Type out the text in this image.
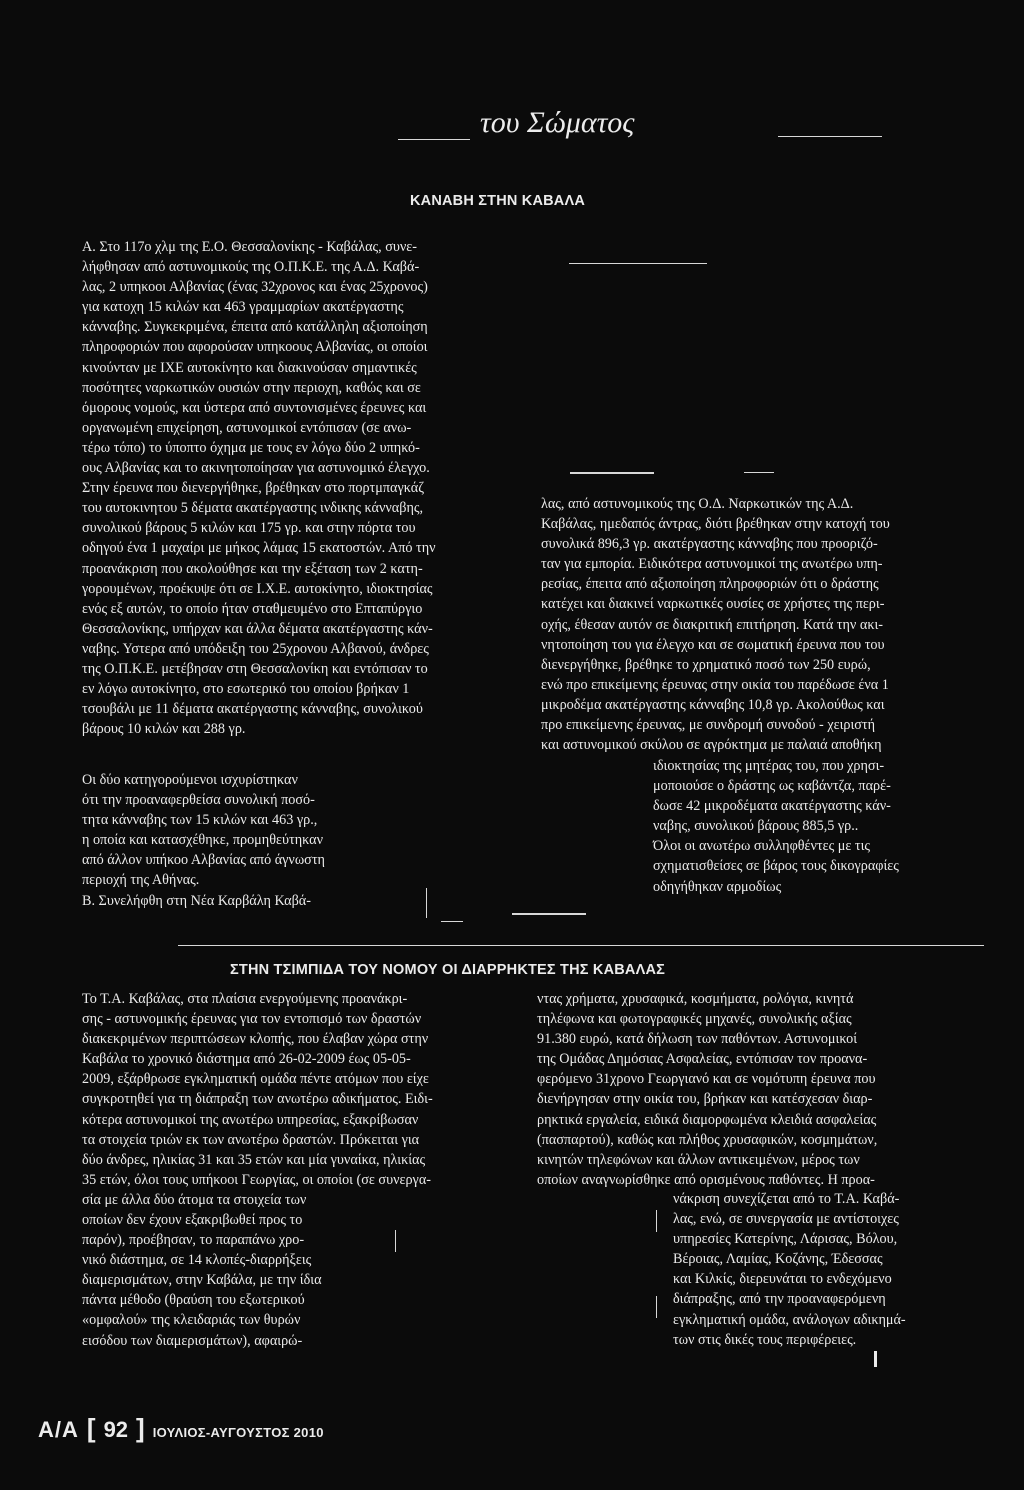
του Σώματος
ΚΑΝΑΒΗ ΣΤΗΝ ΚΑΒΑΛΑ
Α. Στο 117ο χλμ της Ε.Ο. Θεσσαλονίκης - Καβάλας, συνε-
λήφθησαν από αστυνομικούς της Ο.Π.Κ.Ε. της Α.Δ. Καβά-
λας, 2 υπηκοοι Αλβανίας (ένας 32χρονος και ένας 25χρονος)
για κατοχη 15 κιλών και 463 γραμμαρίων ακατέργαστης
κάνναβης. Συγκεκριμένα, έπειτα από κατάλληλη αξιοποίηση
πληροφοριών που αφορούσαν υπηκοους Αλβανίας, οι οποίοι
κινούνταν με ΙΧΕ αυτοκίνητο και διακινούσαν σημαντικές
ποσότητες ναρκωτικών ουσιών στην περιοχη, καθώς και σε
όμορους νομούς, και ύστερα από συντονισμένες έρευνες και
οργανωμένη επιχείρηση, αστυνομικοί εντόπισαν (σε ανω-
τέρω τόπο) το ύποπτο όχημα με τους εν λόγω δύο 2 υπηκό-
ους Αλβανίας και το ακινητοποίησαν για αστυνομικό έλεγχο.
Στην έρευνα που διενεργήθηκε, βρέθηκαν στο πορτμπαγκάζ
του αυτοκινητου 5 δέματα ακατέργαστης ινδικης κάνναβης,
συνολικού βάρους 5 κιλών και 175 γρ. και στην πόρτα του
οδηγού ένα 1 μαχαίρι με μήκος λάμας 15 εκατοστών. Από την
προανάκριση που ακολούθησε και την εξέταση των 2 κατη-
γορουμένων, προέκυψε ότι σε Ι.Χ.Ε. αυτοκίνητο, ιδιοκτησίας
ενός εξ αυτών, το οποίο ήταν σταθμευμένο στο Επταπύργιο
Θεσσαλονίκης, υπήρχαν και άλλα δέματα ακατέργαστης κάν-
ναβης. Υστερα από υπόδειξη του 25χρονου Αλβανού, άνδρες
της Ο.Π.Κ.Ε. μετέβησαν στη Θεσσαλονίκη και εντόπισαν το
εν λόγω αυτοκίνητο, στο εσωτερικό του οποίου βρήκαν 1
τσουβάλι με 11 δέματα ακατέργαστης κάνναβης, συνολικού
βάρους 10 κιλών και 288 γρ.
Οι δύο κατηγορούμενοι ισχυρίστηκαν
ότι την προαναφερθείσα συνολική ποσό-
τητα κάνναβης των 15 κιλών και 463 γρ.,
η οποία και κατασχέθηκε, προμηθεύτηκαν
από άλλον υπήκοο Αλβανίας από άγνωστη
περιοχή της Αθήνας.
Β. Συνελήφθη στη Νέα Καρβάλη Καβά-
λας, από αστυνομικούς της Ο.Δ. Ναρκωτικών της Α.Δ.
Καβάλας, ημεδαπός άντρας, διότι βρέθηκαν στην κατοχή του
συνολικά 896,3 γρ. ακατέργαστης κάνναβης που προοριζό-
ταν για εμπορία. Ειδικότερα αστυνομικοί της ανωτέρω υπη-
ρεσίας, έπειτα από αξιοποίηση πληροφοριών ότι ο δράστης
κατέχει και διακινεί ναρκωτικές ουσίες σε χρήστες της περι-
οχής, έθεσαν αυτόν σε διακριτική επιτήρηση. Κατά την ακι-
νητοποίηση του για έλεγχο και σε σωματική έρευνα που του
διενεργήθηκε, βρέθηκε το χρηματικό ποσό των 250 ευρώ,
ενώ προ επικείμενης έρευνας στην οικία του παρέδωσε ένα 1
μικροδέμα ακατέργαστης κάνναβης 10,8 γρ. Ακολούθως και
προ επικείμενης έρευνας, με συνδρομή συνοδού - χειριστή
και αστυνομικού σκύλου σε αγρόκτημα με παλαιά αποθήκη
ιδιοκτησίας της μητέρας του, που χρησι-
μοποιούσε ο δράστης ως καβάντζα, παρέ-
δωσε 42 μικροδέματα ακατέργαστης κάν-
ναβης, συνολικού βάρους 885,5 γρ..
Όλοι οι ανωτέρω συλληφθέντες με τις
σχηματισθείσες σε βάρος τους δικογραφίες
οδηγήθηκαν αρμοδίως
ΣΤΗΝ ΤΣΙΜΠΙΔΑ ΤΟΥ ΝΟΜΟΥ ΟΙ ΔΙΑΡΡΗΚΤΕΣ ΤΗΣ ΚΑΒΑΛΑΣ
Το Τ.Α. Καβάλας, στα πλαίσια ενεργούμενης προανάκρι-
σης - αστυνομικής έρευνας για τον εντοπισμό των δραστών
διακεκριμένων περιπτώσεων κλοπής, που έλαβαν χώρα στην
Καβάλα το χρονικό διάστημα από 26-02-2009 έως 05-05-
2009, εξάρθρωσε εγκληματική ομάδα πέντε ατόμων που είχε
συγκροτηθεί για τη διάπραξη των ανωτέρω αδικήματος. Ειδι-
κότερα αστυνομικοί της ανωτέρω υπηρεσίας, εξακρίβωσαν
τα στοιχεία τριών εκ των ανωτέρω δραστών. Πρόκειται για
δύο άνδρες, ηλικίας 31 και 35 ετών και μία γυναίκα, ηλικίας
35 ετών, όλοι τους υπήκοοι Γεωργίας, οι οποίοι (σε συνεργα-
σία με άλλα δύο άτομα τα στοιχεία των
οποίων δεν έχουν εξακριβωθεί προς το
παρόν), προέβησαν, το παραπάνω χρο-
νικό διάστημα, σε 14 κλοπές-διαρρήξεις
διαμερισμάτων, στην Καβάλα, με την ίδια
πάντα μέθοδο (θραύση του εξωτερικού
«ομφαλού» της κλειδαριάς των θυρών
εισόδου των διαμερισμάτων), αφαιρώ-
ντας χρήματα, χρυσαφικά, κοσμήματα, ρολόγια, κινητά
τηλέφωνα και φωτογραφικές μηχανές, συνολικής αξίας
91.380 ευρώ, κατά δήλωση των παθόντων. Αστυνομικοί
της Ομάδας Δημόσιας Ασφαλείας, εντόπισαν τον προανα-
φερόμενο 31χρονο Γεωργιανό και σε νομότυπη έρευνα που
διενήργησαν στην οικία του, βρήκαν και κατέσχεσαν διαρ-
ρηκτικά εργαλεία, ειδικά διαμορφωμένα κλειδιά ασφαλείας
(πασπαρτού), καθώς και πλήθος χρυσαφικών, κοσμημάτων,
κινητών τηλεφώνων και άλλων αντικειμένων, μέρος των
οποίων αναγνωρίσθηκε από ορισμένους παθόντες. Η προα-
νάκριση συνεχίζεται από το Τ.Α. Καβά-
λας, ενώ, σε συνεργασία με αντίστοιχες
υπηρεσίες Κατερίνης, Λάρισας, Βόλου,
Βέροιας, Λαμίας, Κοζάνης, Έδεσσας
και Κιλκίς, διερευνάται το ενδεχόμενο
διάπραξης, από την προαναφερόμενη
εγκληματική ομάδα, ανάλογων αδικημά-
των στις δικές τους περιφέρειες.
Α/Α [ 92 ] ΙΟΥΛΙΟΣ-ΑΥΓΟΥΣΤΟΣ 2010
